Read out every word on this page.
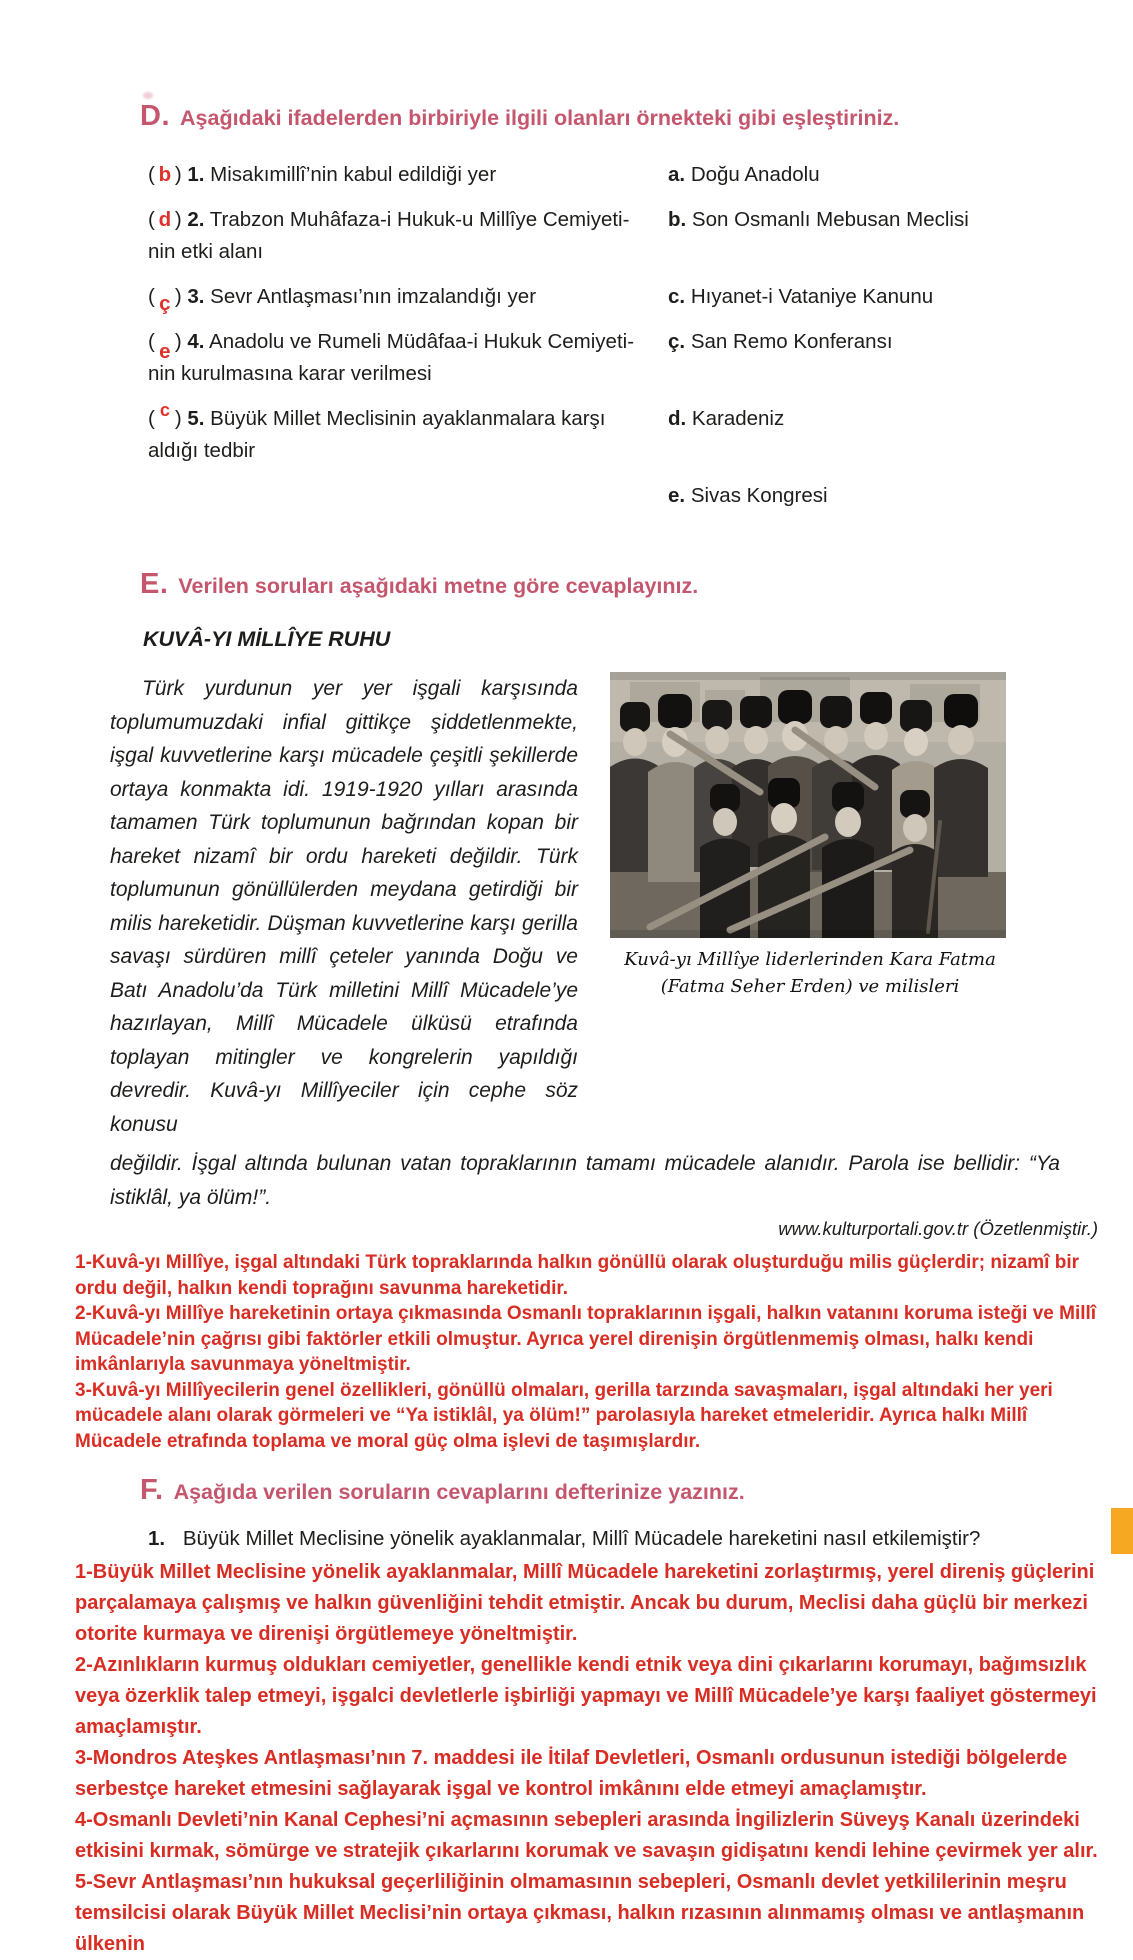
D. Aşağıdaki ifadelerden birbiriyle ilgili olanları örnekteki gibi eşleştiriniz.
( b ) 1. Misakımillî’nin kabul edildiği yer	a. Doğu Anadolu
( d ) 2. Trabzon Muhâfaza-i Hukuk-u Millîye Cemiyeti-
nin etki alanı
b. Son Osmanlı Mebusan Meclisi
( ç ) 3. Sevr Antlaşması’nın imzalandığı yer	c. Hıyanet-i Vataniye Kanunu
( e ) 4. Anadolu ve Rumeli Müdâfaa-i Hukuk Cemiyeti-
nin kurulmasına karar verilmesi
ç. San Remo Konferansı
( c ) 5. Büyük Millet Meclisinin ayaklanmalara karşı
aldığı tedbir
d. Karadeniz
e. Sivas Kongresi
E. Verilen soruları aşağıdaki metne göre cevaplayınız.
KUVÂ-YI MİLLÎYE RUHU
Türk yurdunun yer yer işgali karşısında toplumumuzdaki infial gittikçe şiddetlenmekte, işgal kuvvetlerine karşı mücadele çeşitli şekillerde ortaya konmakta idi. 1919-1920 yılları arasında tamamen Türk toplumunun bağrından kopan bir hareket nizamî bir ordu hareketi değildir. Türk toplumunun gönüllülerden meydana getirdiği bir milis hareketidir. Düşman kuvvetlerine karşı gerilla savaşı sürdüren millî çeteler yanında Doğu ve Batı Anadolu’da Türk milletini Millî Mücadele’ye hazırlayan, Millî Mücadele ülküsü etrafında toplayan mitingler ve kongrelerin yapıldığı devredir. Kuvâ-yı Millîyeciler için cephe söz konusu
Kuvâ-yı Millîye liderlerinden Kara Fatma (Fatma Seher Erden) ve milisleri
değildir. İşgal altında bulunan vatan topraklarının tamamı mücadele alanıdır. Parola ise bellidir: “Ya istiklâl, ya ölüm!”.
www.kulturportali.gov.tr (Özetlenmiştir.)

1-Kuvâ-yı Millîye, işgal altındaki Türk topraklarında halkın gönüllü olarak oluşturduğu milis güçlerdir; nizamî bir ordu değil, halkın kendi toprağını savunma hareketidir.

2-Kuvâ-yı Millîye hareketinin ortaya çıkmasında Osmanlı topraklarının işgali, halkın vatanını koruma isteği ve Millî Mücadele’nin çağrısı gibi faktörler etkili olmuştur. Ayrıca yerel direnişin örgütlenmemiş olması, halkı kendi imkânlarıyla savunmaya yöneltmiştir.

3-Kuvâ-yı Millîyecilerin genel özellikleri, gönüllü olmaları, gerilla tarzında savaşmaları, işgal altındaki her yeri mücadele alanı olarak görmeleri ve “Ya istiklâl, ya ölüm!” parolasıyla hareket etmeleridir. Ayrıca halkı Millî Mücadele etrafında toplama ve moral güç olma işlevi de taşımışlardır.

F. Aşağıda verilen soruların cevaplarını defterinize yazınız.
1. Büyük Millet Meclisine yönelik ayaklanmalar, Millî Mücadele hareketini nasıl etkilemiştir?

1-Büyük Millet Meclisine yönelik ayaklanmalar, Millî Mücadele hareketini zorlaştırmış, yerel direniş güçlerini parçalamaya çalışmış ve halkın güvenliğini tehdit etmiştir. Ancak bu durum, Meclisi daha güçlü bir merkezi otorite kurmaya ve direnişi örgütlemeye yöneltmiştir.

2-Azınlıkların kurmuş oldukları cemiyetler, genellikle kendi etnik veya dini çıkarlarını korumayı, bağımsızlık veya özerklik talep etmeyi, işgalci devletlerle işbirliği yapmayı ve Millî Mücadele’ye karşı faaliyet göstermeyi amaçlamıştır.

3-Mondros Ateşkes Antlaşması’nın 7. maddesi ile İtilaf Devletleri, Osmanlı ordusunun istediği bölgelerde serbestçe hareket etmesini sağlayarak işgal ve kontrol imkânını elde etmeyi amaçlamıştır.

4-Osmanlı Devleti’nin Kanal Cephesi’ni açmasının sebepleri arasında İngilizlerin Süveyş Kanalı üzerindeki etkisini kırmak, sömürge ve stratejik çıkarlarını korumak ve savaşın gidişatını kendi lehine çevirmek yer alır.

5-Sevr Antlaşması’nın hukuksal geçerliliğinin olmamasının sebepleri, Osmanlı devlet yetkililerinin meşru temsilcisi olarak Büyük Millet Meclisi’nin ortaya çıkması, halkın rızasının alınmamış olması ve antlaşmanın ülkenin
